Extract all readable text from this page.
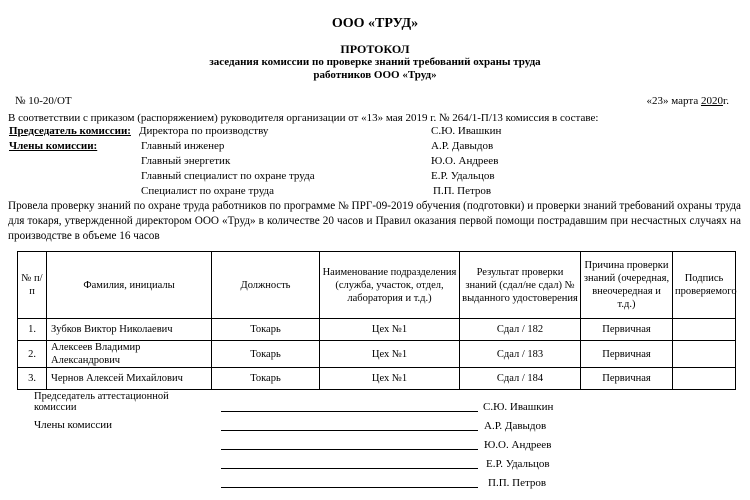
ООО «ТРУД»
ПРОТОКОЛ
заседания комиссии по проверке знаний требований охраны труда
работников ООО «Труд»
№ 10-20/ОТ	«23» марта 2020г.
В соответствии с приказом (распоряжением) руководителя организации от «13» мая 2019 г. № 264/1-П/13 комиссия в составе:
Председатель комиссии: Директора по производству	С.Ю. Ивашкин
Члены комиссии:	Главный инженер	А.Р. Давыдов
Главный энергетик	Ю.О. Андреев
Главный специалист по охране труда	Е.Р. Удальцов
Специалист по охране труда	П.П. Петров
Провела проверку знаний по охране труда работников по программе № ПРГ-09-2019 обучения (подготовки) и проверки знаний требований охраны труда для токаря, утвержденной директором ООО «Труд» в количестве 20 часов и Правил оказания первой помощи пострадавшим при несчастных случаях на производстве в объеме 16 часов
№ п/п	Фамилия, инициалы	Должность	Наименование подразделения (служба, участок, отдел, лаборатория и т.д.)	Результат проверки знаний (сдал/не сдал) № выданного удостоверения	Причина проверки знаний (очередная, внеочередная и т.д.)	Подпись проверяемого
1.	Зубков Виктор Николаевич	Токарь	Цех №1	Сдал / 182	Первичная	
2.	Алексеев Владимир Александрович	Токарь	Цех №1	Сдал / 183	Первичная	
3.	Чернов Алексей Михайлович	Токарь	Цех №1	Сдал / 184	Первичная	
Председатель аттестационной
комиссии	С.Ю. Ивашкин
Члены комиссии	А.Р. Давыдов
Ю.О. Андреев
Е.Р. Удальцов
П.П. Петров
